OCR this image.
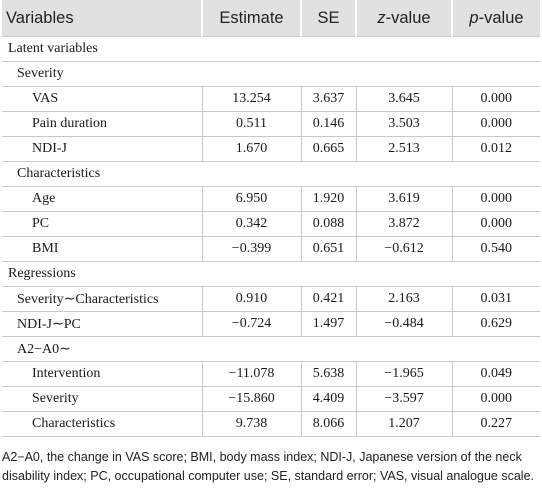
Variables	Estimate	SE	z-value	p-value
Latent variables				
Severity				
VAS	13.254	3.637	3.645	0.000
Pain duration	0.511	0.146	3.503	0.000
NDI-J	1.670	0.665	2.513	0.012
Characteristics				
Age	6.950	1.920	3.619	0.000
PC	0.342	0.088	3.872	0.000
BMI	−0.399	0.651	−0.612	0.540
Regressions				
Severity∼Characteristics	0.910	0.421	2.163	0.031
NDI-J∼PC	−0.724	1.497	−0.484	0.629
A2−A0∼				
Intervention	−11.078	5.638	−1.965	0.049
Severity	−15.860	4.409	−3.597	0.000
Characteristics	9.738	8.066	1.207	0.227
A2−A0, the change in VAS score; BMI, body mass index; NDI-J, Japanese version of the neck disability index; PC, occupational computer use; SE, standard error; VAS, visual analogue scale.
